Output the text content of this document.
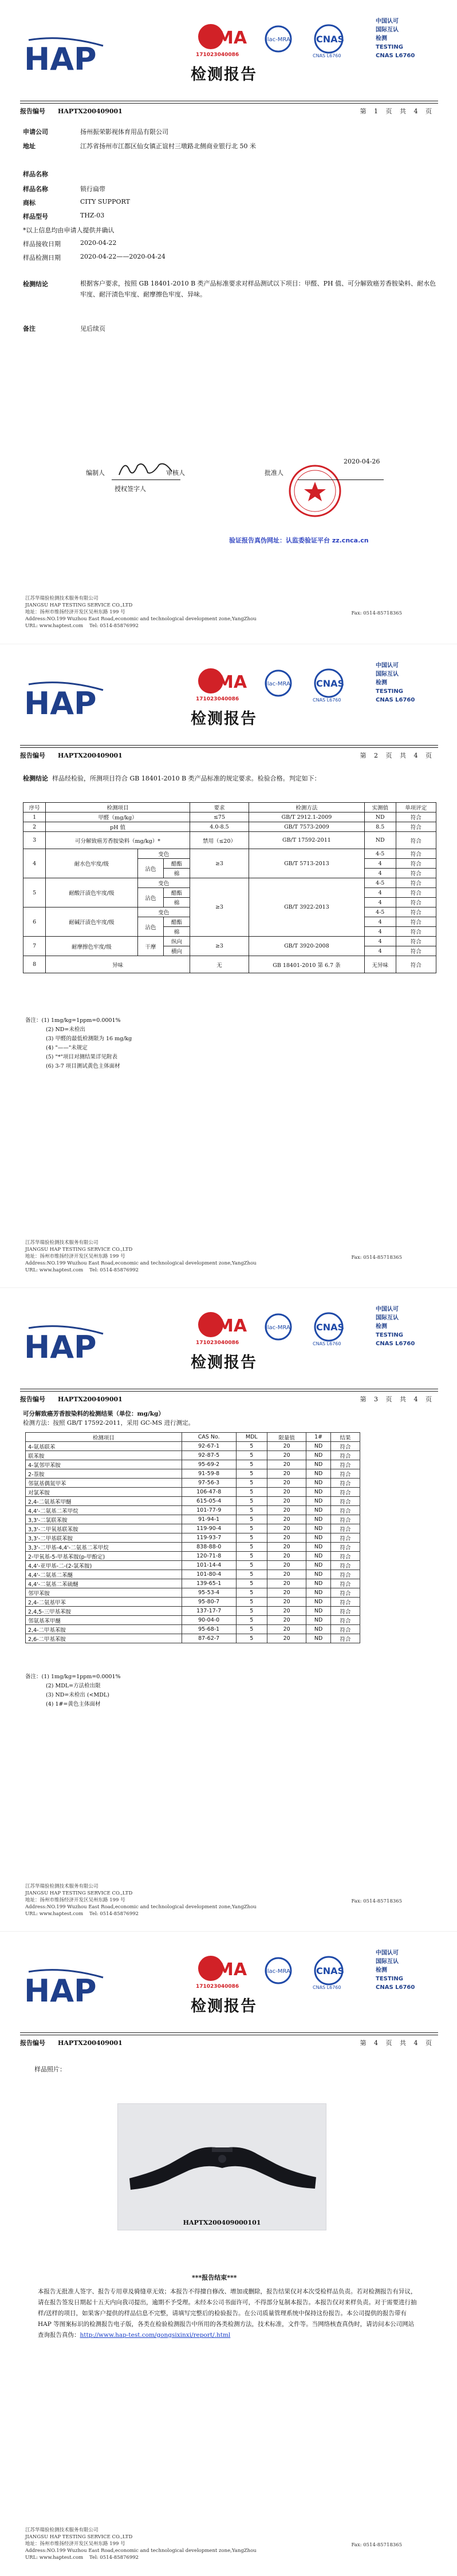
HAP
MA
171023040086
ilac-MRA	CNAS
CNAS L6760
中国认可
国际互认
检测
TESTING
CNAS L6760
检测报告
报告编号 HAPTX200409001	第 1 页 共 4 页
申请公司	扬州振荣影视体育用品有限公司
地址	江苏省扬州市江都区仙女镇正谊村三墩路北侧商业银行北 50 米
样品名称
样品名称	锁行扁带
商标	CITY SUPPORT
样品型号	THZ-03
*以上信息均由申请人提供并确认
样品接收日期	2020-04-22
样品检测日期	2020-04-22——2020-04-24
检测结论	根据客户要求，按照 GB 18401-2010 B 类产品标准要求对样品测试以下项目：甲醛、PH 值、可分解致癌芳香胺染料、耐水色牢度、耐汗渍色牢度、耐摩擦色牢度、异味。
备注	见后续页
编制人	审核人	批准人
2020-04-26
授权签字人
验证报告真伪网址：认监委验证平台 zz.cnca.cn
江苏华瑞验检测技术服务有限公司
JIANGSU HAP TESTING SERVICE CO.,LTD
地址：扬州市维扬经济开发区吴州东路 199 号
Address:NO.199 Wuzhou East Road,economic and technological development zone,YangZhou
URL: www.haptest.com Tel: 0514-85876992
Fax: 0514-85718365
HAP
MA
171023040086
ilac-MRA	CNAS
CNAS L6760
中国认可
国际互认
检测
TESTING
CNAS L6760
检测报告
报告编号 HAPTX200409001	第 2 页 共 4 页
检测结论 样品经检验，所测项目符合 GB 18401-2010 B 类产品标准的规定要求。检验合格。判定如下：
序号	检测项目			要求	检测方法	实测值	单项评定
1	甲醛（mg/kg）			≤75	GB/T 2912.1-2009	ND	符合
2	pH 值			4.0-8.5	GB/T 7573-2009	8.5	符合
3	可分解致癌芳香胺染料（mg/kg）*			禁用（≤20）	GB/T 17592-2011	ND	符合
4	耐水色牢度/级	变色		≥3	GB/T 5713-2013	4-5	符合
		沾色	醋酯			4	符合
			棉			4	符合
5	耐酸汗渍色牢度/级	变色		≥3	GB/T 3922-2013	4-5	符合
		沾色	醋酯			4	符合
			棉			4	符合
6	耐碱汗渍色牢度/级	变色				4-5	符合
		沾色	醋酯			4	符合
			棉			4	符合
7	耐摩擦色牢度/级	干摩	纵向	≥3	GB/T 3920-2008	4	符合
			横向			4	符合
8	异味			无	GB 18401-2010 第 6.7 条	无异味	符合
备注：(1) 1mg/kg=1ppm=0.0001%
(2) ND=未检出
(3) 甲醛的最低检测限为 16 mg/kg
(4) "——"未规定
(5) "*"项目对测结果详见附表
(6) 3-7 项目测试黄色主体面材
江苏华瑞验检测技术服务有限公司
JIANGSU HAP TESTING SERVICE CO.,LTD
地址：扬州市维扬经济开发区吴州东路 199 号
Address:NO.199 Wuzhou East Road,economic and technological development zone,YangZhou
URL: www.haptest.com Tel: 0514-85876992
Fax: 0514-85718365
HAP
MA
171023040086
ilac-MRA	CNAS
CNAS L6760
中国认可
国际互认
检测
TESTING
CNAS L6760
检测报告
报告编号 HAPTX200409001	第 3 页 共 4 页
可分解致癌芳香胺染料的检测结果（单位：mg/kg）
检测方法：按照 GB/T 17592-2011，采用 GC-MS 进行测定。
检测项目	CAS No.	MDL	限量值	1#	结果
4-氨基联苯	92-67-1	5	20	ND	符合
联苯胺	92-87-5	5	20	ND	符合
4-氯邻甲苯胺	95-69-2	5	20	ND	符合
2-萘胺	91-59-8	5	20	ND	符合
邻氨基偶氮甲苯	97-56-3	5	20	ND	符合
对氯苯胺	106-47-8	5	20	ND	符合
2,4-二氨基苯甲醚	615-05-4	5	20	ND	符合
4,4'-二氨基二苯甲烷	101-77-9	5	20	ND	符合
3,3'-二氯联苯胺	91-94-1	5	20	ND	符合
3,3'-二甲氧基联苯胺	119-90-4	5	20	ND	符合
3,3'-二甲基联苯胺	119-93-7	5	20	ND	符合
3,3'-二甲基-4,4'-二氨基二苯甲烷	838-88-0	5	20	ND	符合
2-甲氧基-5-甲基苯胺(p-甲酚定)	120-71-8	5	20	ND	符合
4,4'-亚甲基-二-(2-氯苯胺)	101-14-4	5	20	ND	符合
4,4'-二氨基二苯醚	101-80-4	5	20	ND	符合
4,4'-二氨基二苯硫醚	139-65-1	5	20	ND	符合
邻甲苯胺	95-53-4	5	20	ND	符合
2,4-二氨基甲苯	95-80-7	5	20	ND	符合
2,4,5-三甲基苯胺	137-17-7	5	20	ND	符合
邻氨基苯甲醚	90-04-0	5	20	ND	符合
2,4-二甲基苯胺	95-68-1	5	20	ND	符合
2,6-二甲基苯胺	87-62-7	5	20	ND	符合
备注：(1) 1mg/kg=1ppm=0.0001%
(2) MDL=方法检出限
(3) ND=未检出 (<MDL)
(4) 1#=黄色主体面材
江苏华瑞验检测技术服务有限公司
JIANGSU HAP TESTING SERVICE CO.,LTD
地址：扬州市维扬经济开发区吴州东路 199 号
Address:NO.199 Wuzhou East Road,economic and technological development zone,YangZhou
URL: www.haptest.com Tel: 0514-85876992
Fax: 0514-85718365
HAP
MA
171023040086
ilac-MRA	CNAS
CNAS L6760
中国认可
国际互认
检测
TESTING
CNAS L6760
检测报告
报告编号 HAPTX200409001	第 4 页 共 4 页
样品照片：
HAPTX200409000101
***报告结束***
本报告无批准人签字、报告专用章及骑缝章无效；本报告不得擅自修改、增加或删除，报告结果仅对本次受检样品负责。若对检测报告有异议，请在报告签发日期起十五天内向我司提出，逾期不予受理。未经本公司书面许可，不得部分复制本报告。本报告仅对来样负责。对于需要进行抽样/送样的项目，如果客户提供的样品信息不完整，请填写完整后的检验报告。在公司质量管理系统中保持这份报告。本公司提供的报告带有 HAP 等图案标识的检测报告电子版，各类在检验检测报告中所用的各类检测方法，技术标准，文件等。当网络核查真伪时，请访问本公司网站查询报告真伪：http://www.hap-test.com/gongsixinxi/report/.html
江苏华瑞验检测技术服务有限公司
JIANGSU HAP TESTING SERVICE CO.,LTD
地址：扬州市维扬经济开发区吴州东路 199 号
Address:NO.199 Wuzhou East Road,economic and technological development zone,YangZhou
URL: www.haptest.com Tel: 0514-85876992
Fax: 0514-85718365
